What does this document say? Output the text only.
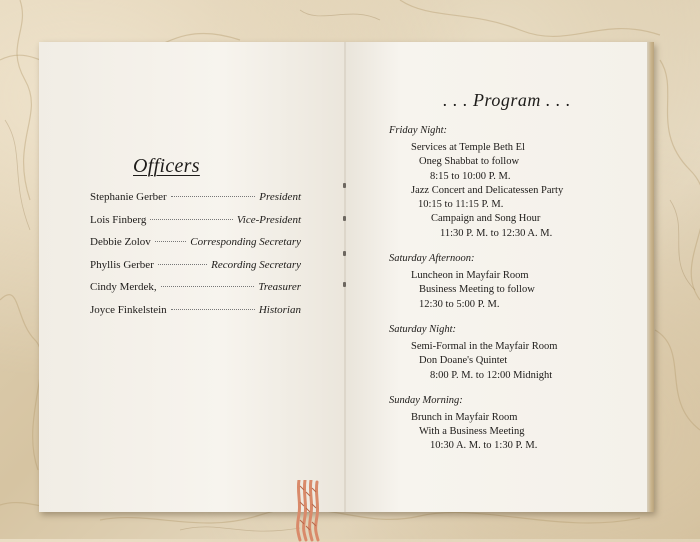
Officers
Stephanie Gerber	President
Lois Finberg	Vice-President
Debbie Zolov	Corresponding Secretary
Phyllis Gerber	Recording Secretary
Cindy Merdek,	Treasurer
Joyce Finkelstein	Historian
. . . Program . . .
Friday Night:
Services at Temple Beth El
Oneg Shabbat to follow
8:15 to 10:00 P. M.
Jazz Concert and Delicatessen Party
10:15 to 11:15 P. M.
Campaign and Song Hour
11:30 P. M. to 12:30 A. M.
Saturday Afternoon:
Luncheon in Mayfair Room
Business Meeting to follow
12:30 to 5:00 P. M.
Saturday Night:
Semi-Formal in the Mayfair Room
Don Doane's Quintet
8:00 P. M. to 12:00 Midnight
Sunday Morning:
Brunch in Mayfair Room
With a Business Meeting
10:30 A. M. to 1:30 P. M.
